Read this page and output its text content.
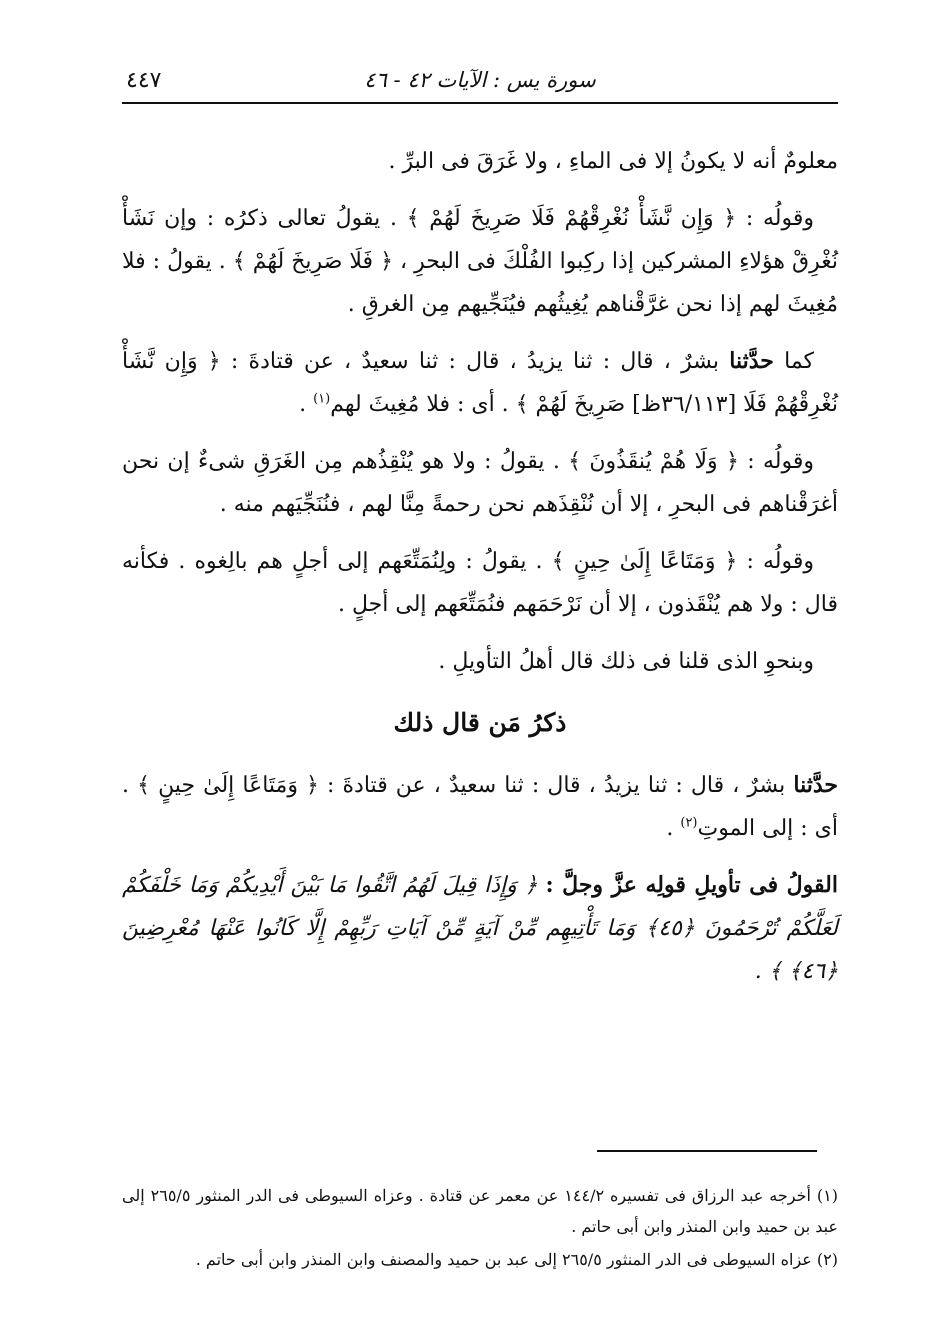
سورة يس : الآيات ٤٢ - ٤٦
٤٤٧

معلومٌ أنه لا يكونُ إلا فى الماءِ ، ولا غَرَقَ فى البرِّ .

وقولُه : ﴿ وَإِن نَّشَأْ نُغْرِقْهُمْ فَلَا صَرِيخَ لَهُمْ ﴾ . يقولُ تعالى ذكرُه : وإن نَشَأْ نُغْرِقْ هؤلاءِ المشركين إذا ركِبوا الفُلْكَ فى البحرِ ، ﴿ فَلَا صَرِيخَ لَهُمْ ﴾ . يقولُ : فلا مُغِيثَ لهم إذا نحن غرَّقْناهم يُغِيثُهم فيُنَجِّيهم مِن الغرقِ .

كما حدَّثنا بشرٌ ، قال : ثنا يزيدُ ، قال : ثنا سعيدٌ ، عن قتادةَ : ﴿ وَإِن نَّشَأْ نُغْرِقْهُمْ فَلَا [٣٦/١١٣ظ] صَرِيخَ لَهُمْ ﴾ . أى : فلا مُغِيثَ لهم$^{(١)}$ .

وقولُه : ﴿ وَلَا هُمْ يُنقَذُونَ ﴾ . يقولُ : ولا هو يُنْقِذُهم مِن الغَرَقِ شىءٌ إن نحن أغرَقْناهم فى البحرِ ، إلا أن نُنْقِذَهم نحن رحمةً مِنَّا لهم ، فنُنَجِّيَهم منه .

وقولُه : ﴿ وَمَتَاعًا إِلَىٰ حِينٍ ﴾ . يقولُ : ولِنُمَتِّعَهم إلى أجلٍ هم بالِغوه . فكأنه قال : ولا هم يُنْقَذون ، إلا أن نَرْحَمَهم فنُمَتِّعَهم إلى أجلٍ .

وبنحوِ الذى قلنا فى ذلك قال أهلُ التأويلِ .

ذكرُ مَن قال ذلك

حدَّثنا بشرٌ ، قال : ثنا يزيدُ ، قال : ثنا سعيدٌ ، عن قتادةَ : ﴿ وَمَتَاعًا إِلَىٰ حِينٍ ﴾ . أى : إلى الموتِ$^{(٢)}$ .

القولُ فى تأويلِ قولِه عزَّ وجلَّ : ﴿ وَإِذَا قِيلَ لَهُمُ اتَّقُوا مَا بَيْنَ أَيْدِيكُمْ وَمَا خَلْفَكُمْ لَعَلَّكُمْ تُرْحَمُونَ ﴿٤٥﴾ وَمَا تَأْتِيهِم مِّنْ آيَةٍ مِّنْ آيَاتِ رَبِّهِمْ إِلَّا كَانُوا عَنْهَا مُعْرِضِينَ ﴿٤٦﴾ ﴾ .

(١) أخرجه عبد الرزاق فى تفسيره ١٤٤/٢ عن معمر عن قتادة . وعزاه السيوطى فى الدر المنثور ٢٦٥/٥ إلى عبد بن حميد وابن المنذر وابن أبى حاتم .

(٢) عزاه السيوطى فى الدر المنثور ٢٦٥/٥ إلى عبد بن حميد والمصنف وابن المنذر وابن أبى حاتم .
